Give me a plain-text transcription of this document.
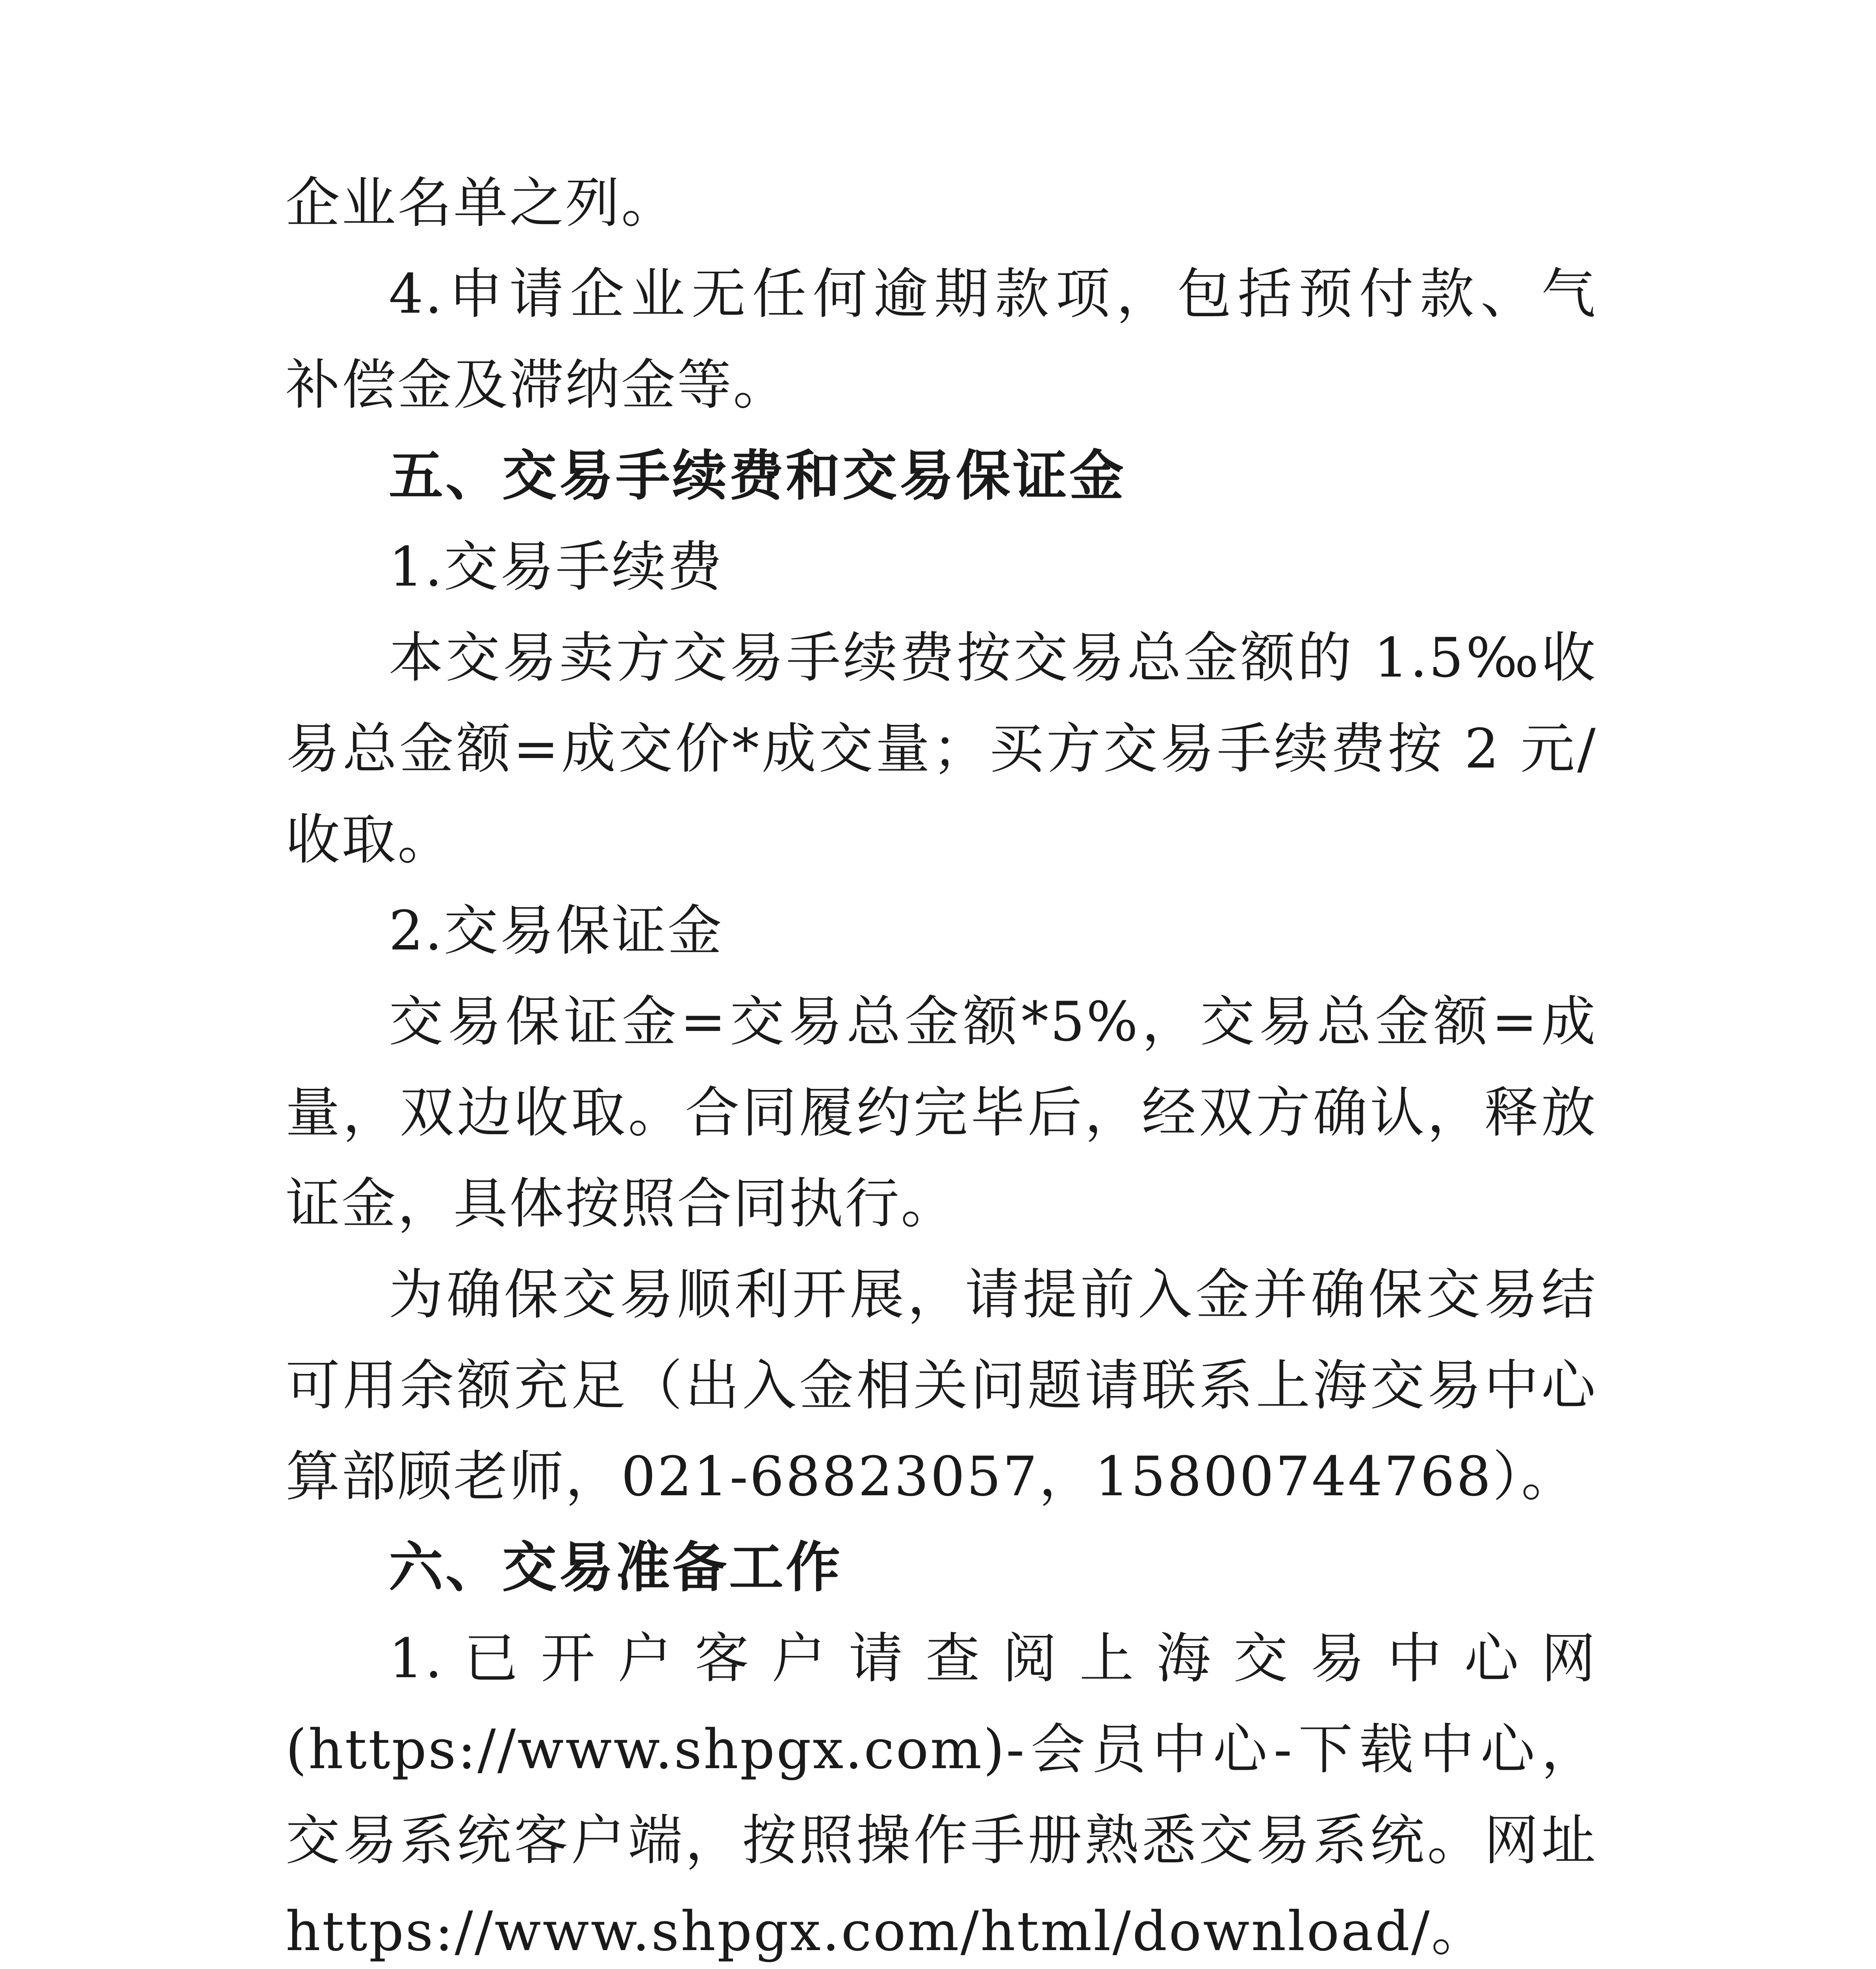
企业名单之列。
4.申请企业无任何逾期款项，包括预付款、气
补偿金及滞纳金等。
五、交易手续费和交易保证金
1.交易手续费
本交易卖方交易手续费按交易总金额的 1.5‰收
易总金额=成交价*成交量；买方交易手续费按 2 元/
收取。
2.交易保证金
交易保证金=交易总金额*5%，交易总金额=成
量，双边收取。合同履约完毕后，经双方确认，释放
证金，具体按照合同执行。
为确保交易顺利开展，请提前入金并确保交易结
可用余额充足（出入金相关问题请联系上海交易中心
算部顾老师，021-68823057，15800744768）。
六、交易准备工作
1. 已 开 户 客 户 请 查 阅 上 海 交 易 中 心 网
(https://www.shpgx.com)-会员中心-下载中心，
交易系统客户端，按照操作手册熟悉交易系统。网址
https://www.shpgx.com/html/download/。
